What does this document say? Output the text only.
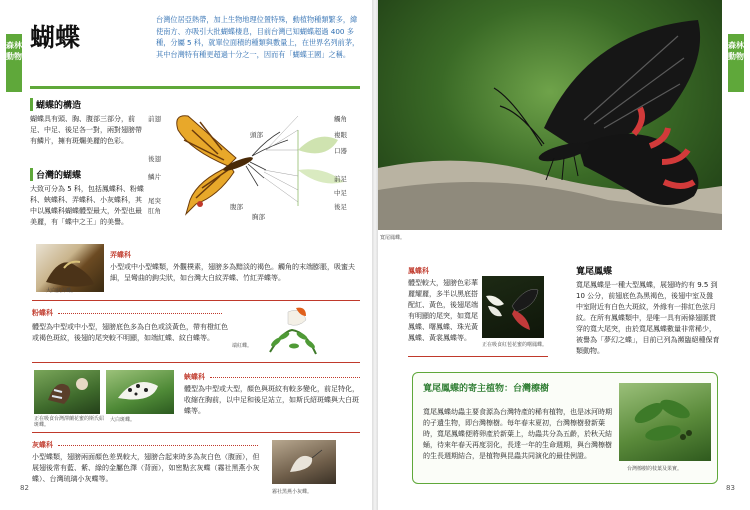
森林
動物
蝴蝶
台灣位居亞熱帶，加上生物地理位置特殊，動植物種類繁多，緯使南方、亦吸引大批蝴蝶棲息，目前台灣已知蝴蝶超過 400 多種，分屬 5 科，就單位面積的種類與數量上，在世界名列前茅，其中台灣特有種更超過十分之一，因而有「蝴蝶王國」之稱。
蝴蝶的構造
蝴蝶具有頭、胸、腹部三部分，前足、中足、後足各一對，兩對翅膀帶有鱗片，擁有斑爛美麗的色彩。
前翅
後翅
鱗片
尾突
肛角
頭部
腹部
胸部
觸角
複眼
口器
前足
中足
後足
台灣的蝴蝶
大致可分為 5 科，包括鳳蝶科、粉蝶科、蛺蝶科、弄蝶科、小灰蝶科，其中以鳳蝶科蝴蝶體型最大，外型也最美麗，有「蝶中之王」的美譽。
大白紋弄蝶。
弄蝶科
小型或中小型蝶類，外觀樸素，翅膀多為黯淡的褐色。觸角的末端膨脹，吸蜜夫細，呈彎曲的鉤尖狀，如台灣大白紋弄蝶、竹紅弄蝶等。
粉蝶科
體型為中型或中小型，翅膀底色多為白色或淡黃色，帶有橙紅色或褐色斑紋，後翅的尾突較不明顯，如端紅蝶、紋白蝶等。
端紅蝶。
正在吸食台灣澤蘭花蜜的斯氏紹斑蝶。
大白斑蝶。
蛺蝶科
體型為中型或大型，顏色與斑紋有較多變化，前足特化，收縮在胸前，以中足和後足站立，如斯氏紹斑蝶與大白斑蝶等。
灰蝶科
小型蝶類，翅膀兩面顏色差異較大，翅膀合起來時多為灰白色（腹面），但展翅後常有藍、紫、綠的金屬色澤（背面），如密點玄灰蝶（霧社黑燕小灰蝶）、台灣琉璃小灰蝶等。
霧社黑燕小灰蝶。
82
森林
動物
寬尾鳳蝶。
鳳蝶科
體型較大，翅膀色彩華麗耀麗，多半以黑底搭配紅、黃色，後翅尾端有明顯的尾突，如寬尾鳳蝶、曙鳳蝶、珠光黃鳳蝶、黃裳鳳蝶等。
正在吸食紅苞花蜜的曙鳳蝶。
寬尾鳳蝶
寬尾鳳蝶是一種大型鳳蝶，展翅時約有 9.5 到 10 公分，前翅底色為黑褐色，後翅中室及盤中室附近有白色大斑紋，外緣有一排紅色弦月紋。在所有鳳蝶類中，是唯一具有兩條翅脈貫穿的寬大尾突，由於寬尾鳳蝶數量非常稀少，被譽為「夢幻之蝶」，目前已列為瀕臨絕種保育類動物。
83
寬尾鳳蝶的寄主植物：台灣檫樹
寬尾鳳蝶幼蟲主要食源為台灣特產的稀有植物，也是冰河時期的孑遺生物，即台灣檫樹。每年春末夏初，台灣檫樹發新葉時，寬尾鳳蝶便將卵產於新葉上，幼蟲共分為五齡，於秋天結蛹，待來年春天再度羽化，長達一年的生命週期，與台灣檫樹的生長週期結合，是植物與昆蟲共同演化的最佳例證。
台灣檫樹的枝葉及果實。
